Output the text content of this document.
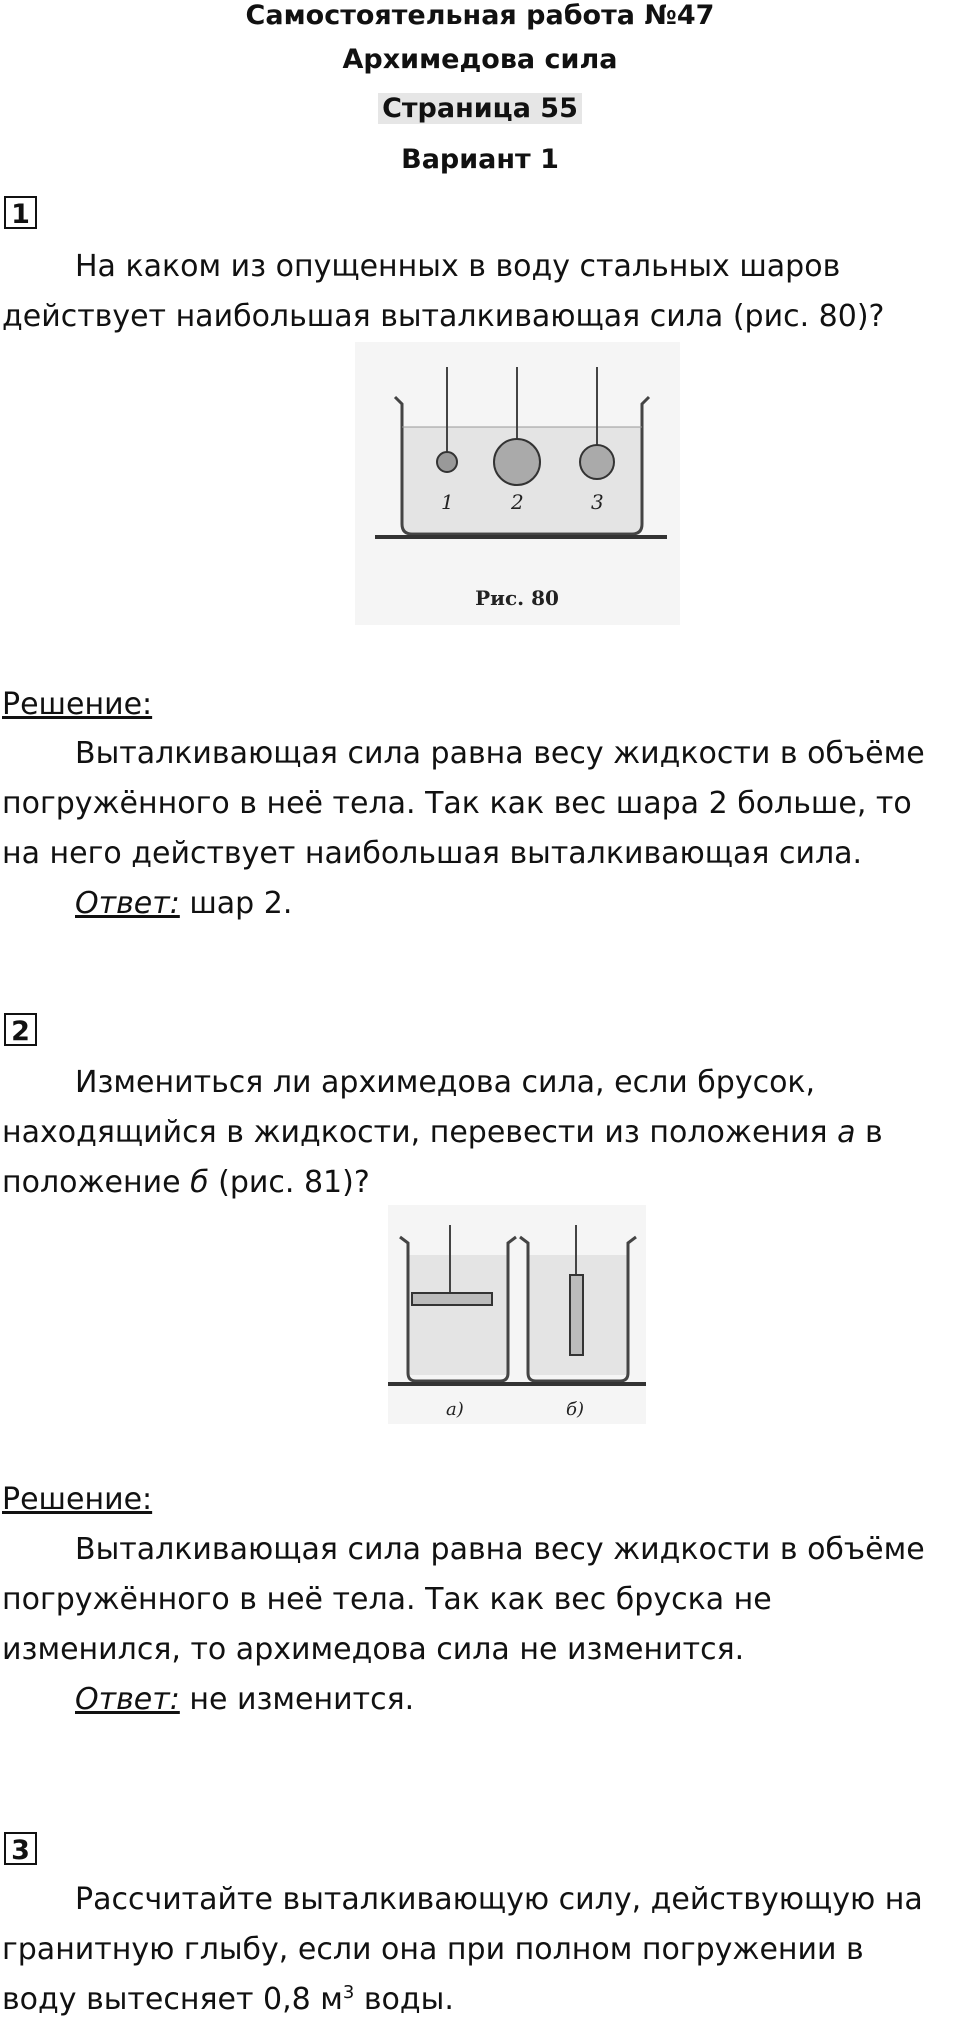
Самостоятельная работа №47
Архимедова сила
Страница 55
Вариант 1
1
На каком из опущенных в воду стальных шаров действует наибольшая выталкивающая сила (рис. 80)?
1	2	3
Рис. 80
Решение:
Выталкивающая сила равна весу жидкости в объёме погружённого в неё тела. Так как вес шара 2 больше, то на него действует наибольшая выталкивающая сила.
Ответ: шар 2.
2
Измениться ли архимедова сила, если брусок, находящийся в жидкости, перевести из положения а в положение б (рис. 81)?
а)	б)
Решение:
Выталкивающая сила равна весу жидкости в объёме погружённого в неё тела. Так как вес бруска не изменился, то архимедова сила не изменится.
Ответ: не изменится.
3
Рассчитайте выталкивающую силу, действующую на гранитную глыбу, если она при полном погружении в воду вытесняет 0,8 $м^3$ воды.
